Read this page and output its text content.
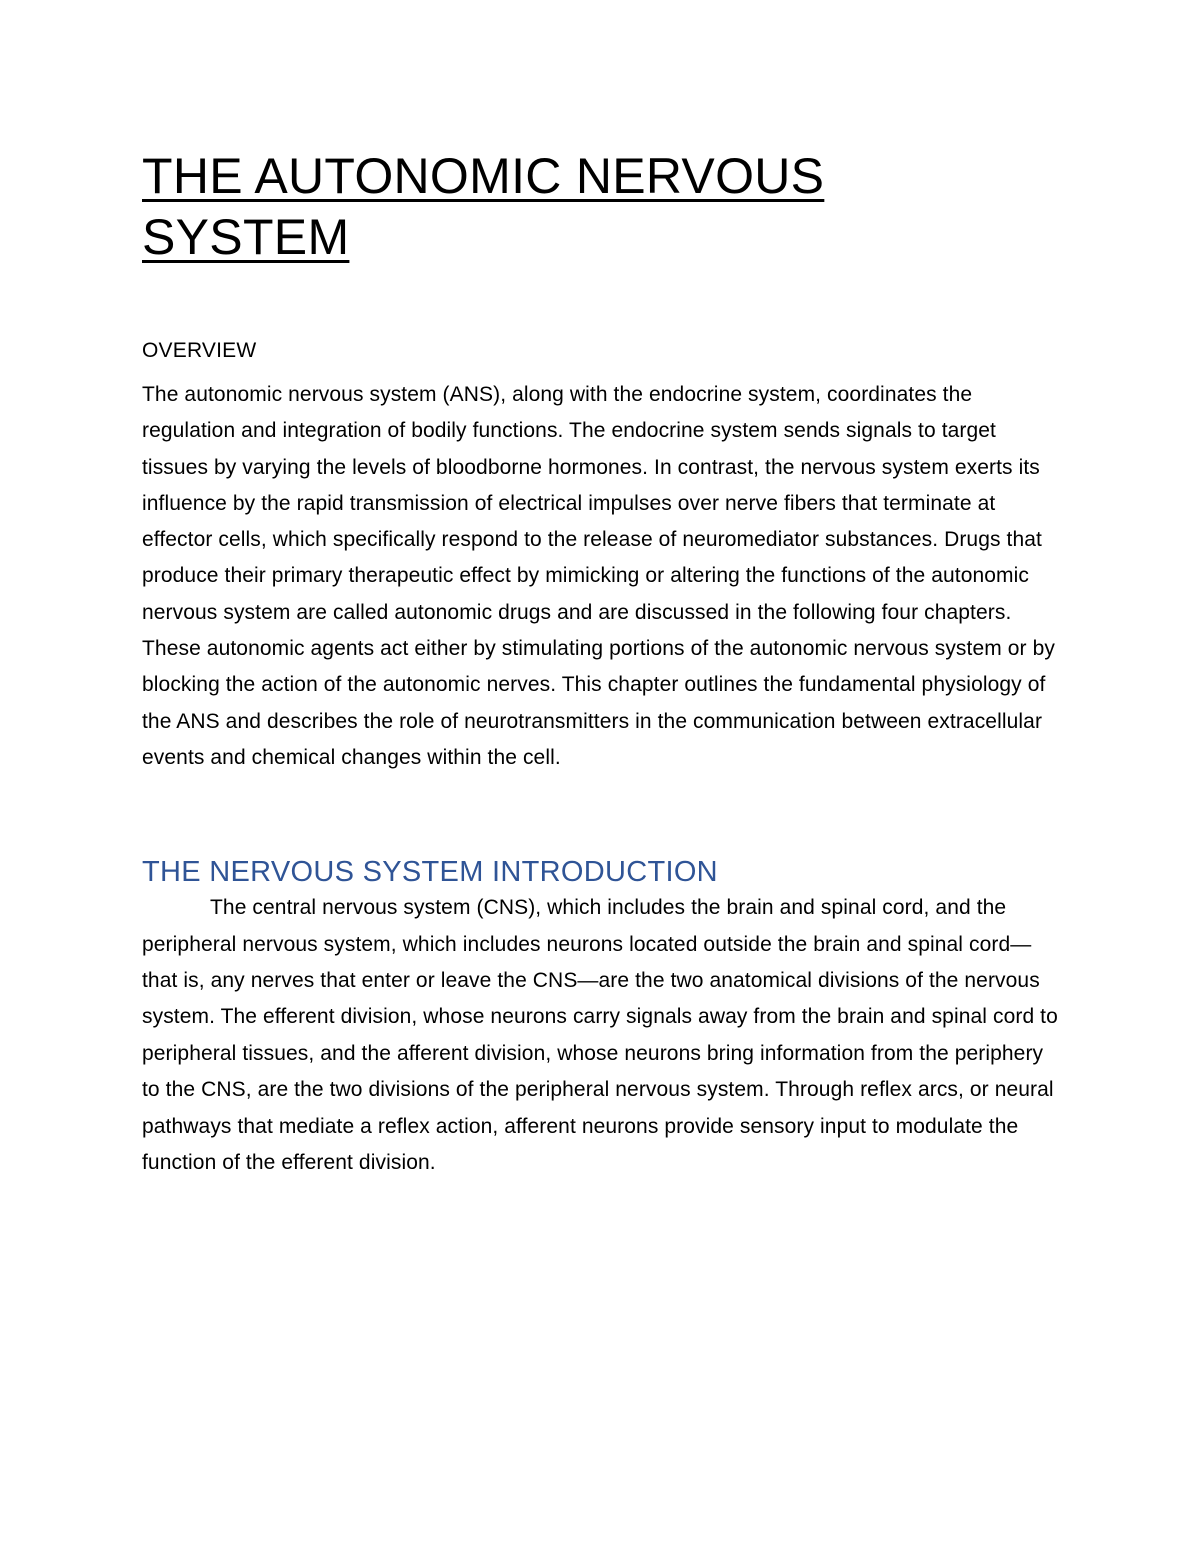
THE AUTONOMIC NERVOUS SYSTEM

OVERVIEW

The autonomic nervous system (ANS), along with the endocrine system, coordinates the regulation and integration of bodily functions. The endocrine system sends signals to target tissues by varying the levels of bloodborne hormones. In contrast, the nervous system exerts its influence by the rapid transmission of electrical impulses over nerve fibers that terminate at effector cells, which specifically respond to the release of neuromediator substances. Drugs that produce their primary therapeutic effect by mimicking or altering the functions of the autonomic nervous system are called autonomic drugs and are discussed in the following four chapters. These autonomic agents act either by stimulating portions of the autonomic nervous system or by blocking the action of the autonomic nerves. This chapter outlines the fundamental physiology of the ANS and describes the role of neurotransmitters in the communication between extracellular events and chemical changes within the cell.

THE NERVOUS SYSTEM INTRODUCTION

The central nervous system (CNS), which includes the brain and spinal cord, and the peripheral nervous system, which includes neurons located outside the brain and spinal cord—that is, any nerves that enter or leave the CNS—are the two anatomical divisions of the nervous system. The efferent division, whose neurons carry signals away from the brain and spinal cord to peripheral tissues, and the afferent division, whose neurons bring information from the periphery to the CNS, are the two divisions of the peripheral nervous system. Through reflex arcs, or neural pathways that mediate a reflex action, afferent neurons provide sensory input to modulate the function of the efferent division.
